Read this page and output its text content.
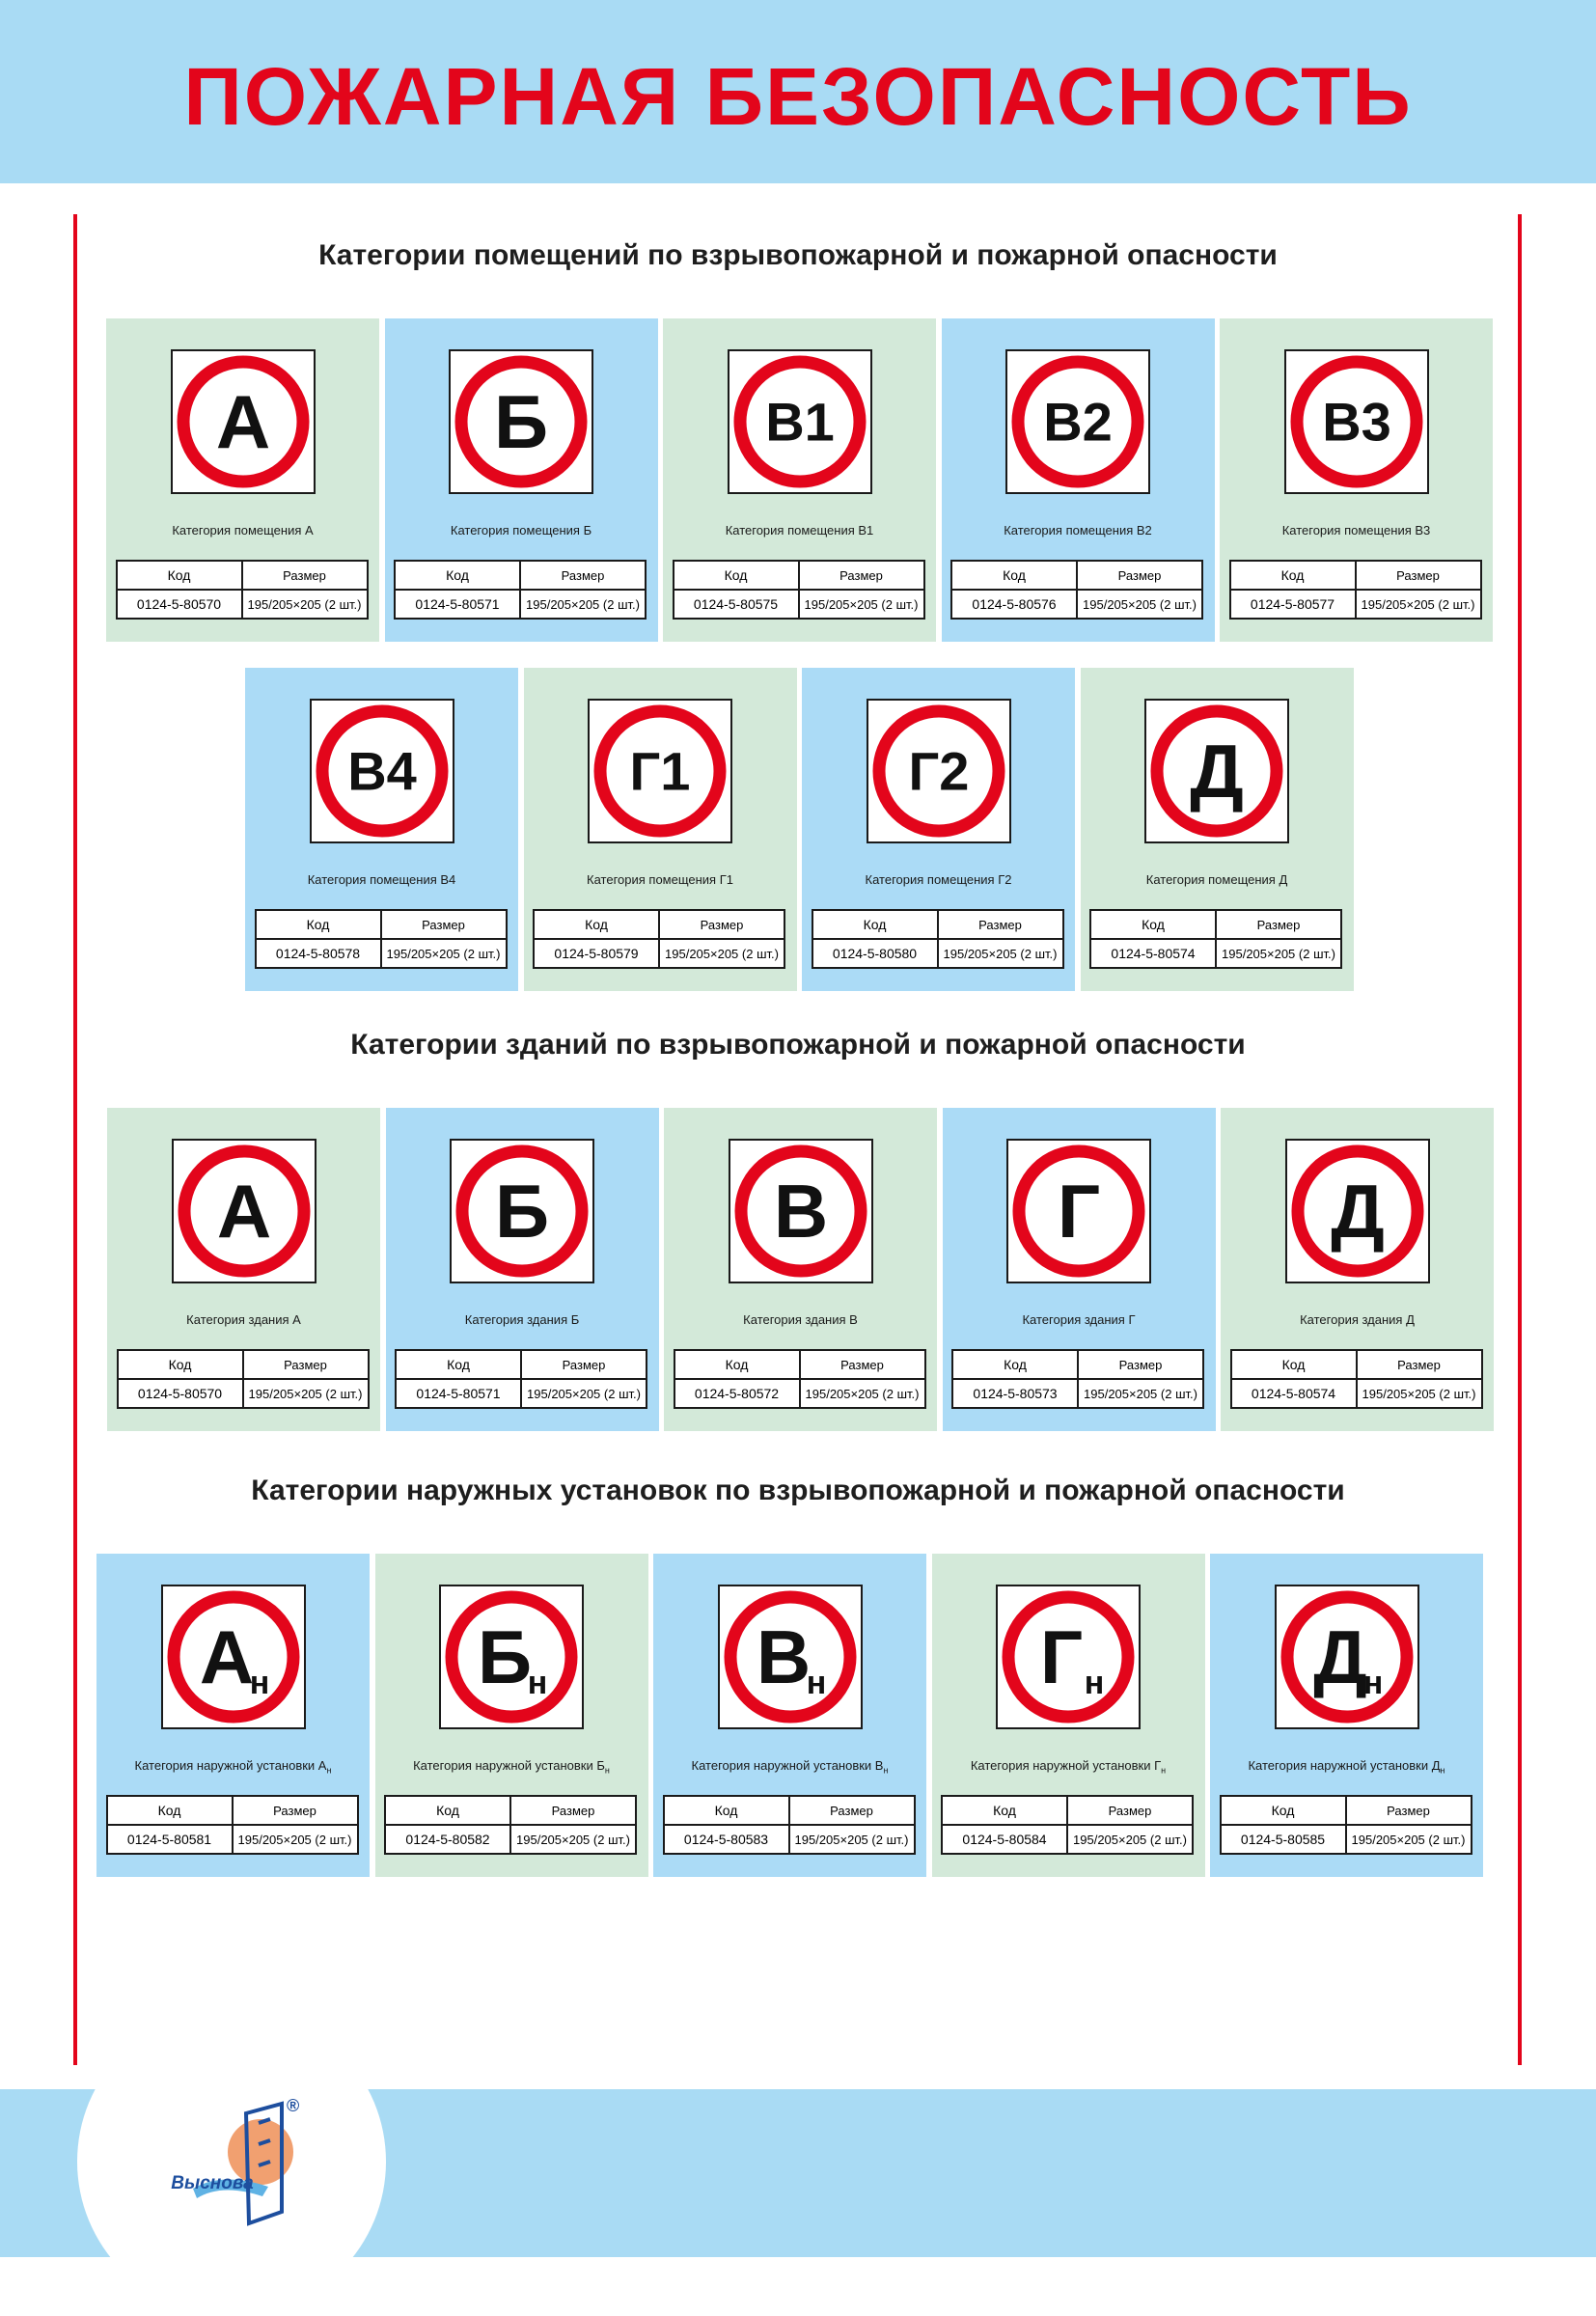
ПОЖАРНАЯ БЕЗОПАСНОСТЬ
Категории помещений по взрывопожарной и пожарной опасности
А
Категория помещения А
Код	Размер
0124-5-80570	195/205×205 (2 шт.)
Б
Категория помещения Б
Код	Размер
0124-5-80571	195/205×205 (2 шт.)
В1
Категория помещения В1
Код	Размер
0124-5-80575	195/205×205 (2 шт.)
В2
Категория помещения В2
Код	Размер
0124-5-80576	195/205×205 (2 шт.)
В3
Категория помещения В3
Код	Размер
0124-5-80577	195/205×205 (2 шт.)
В4
Категория помещения В4
Код	Размер
0124-5-80578	195/205×205 (2 шт.)
Г1
Категория помещения Г1
Код	Размер
0124-5-80579	195/205×205 (2 шт.)
Г2
Категория помещения Г2
Код	Размер
0124-5-80580	195/205×205 (2 шт.)
Д
Категория помещения Д
Код	Размер
0124-5-80574	195/205×205 (2 шт.)
Категории зданий по взрывопожарной и пожарной опасности
А
Категория здания А
Код	Размер
0124-5-80570	195/205×205 (2 шт.)
Б
Категория здания Б
Код	Размер
0124-5-80571	195/205×205 (2 шт.)
В
Категория здания В
Код	Размер
0124-5-80572	195/205×205 (2 шт.)
Г
Категория здания Г
Код	Размер
0124-5-80573	195/205×205 (2 шт.)
Д
Категория здания Д
Код	Размер
0124-5-80574	195/205×205 (2 шт.)
Категории наружных установок по взрывопожарной и пожарной опасности
А
н
Категория наружной установки $А_н$
Код	Размер
0124-5-80581	195/205×205 (2 шт.)
Б
н
Категория наружной установки $Б_н$
Код	Размер
0124-5-80582	195/205×205 (2 шт.)
В
н
Категория наружной установки $В_н$
Код	Размер
0124-5-80583	195/205×205 (2 шт.)
Г н
Категория наружной установки $Г_н$
Код	Размер
0124-5-80584	195/205×205 (2 шт.)
Д
н
Категория наружной установки $Д_н$
Код	Размер
0124-5-80585	195/205×205 (2 шт.)
Выснова
®
